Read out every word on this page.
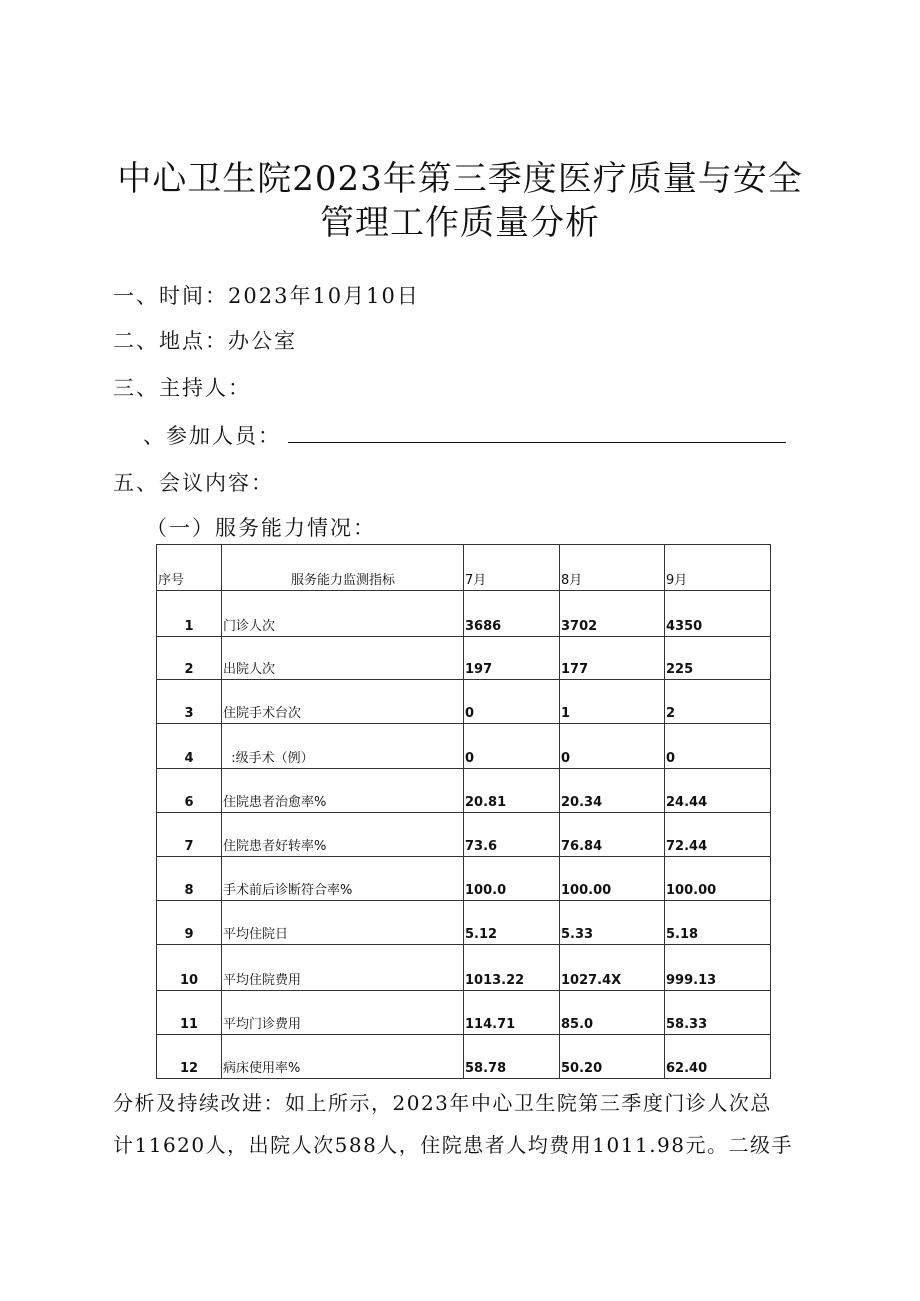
中心卫生院2023年第三季度医疗质量与安全
管理工作质量分析
一、时间：2023年10月10日
二、地点：办公室
三、主持人：
、参加人员：
五、会议内容：
（一）服务能力情况：
序号	服务能力监测指标	7月	8月	9月
1	门诊人次	3686	3702	4350
2	出院人次	197	177	225
3	住院手术台次	0	1	2
4	:级手术（例）	0	0	0
6	住院患者治愈率%	20.81	20.34	24.44
7	住院患者好转率%	73.6	76.84	72.44
8	手术前后诊断符合率%	100.0	100.00	100.00
9	平均住院日	5.12	5.33	5.18
10	平均住院费用	1013.22	1027.4X	999.13
11	平均门诊费用	114.71	85.0	58.33
12	病床使用率%	58.78	50.20	62.40
分析及持续改进：如上所示，2023年中心卫生院第三季度门诊人次总
计11620人，出院人次588人，住院患者人均费用1011.98元。二级手
